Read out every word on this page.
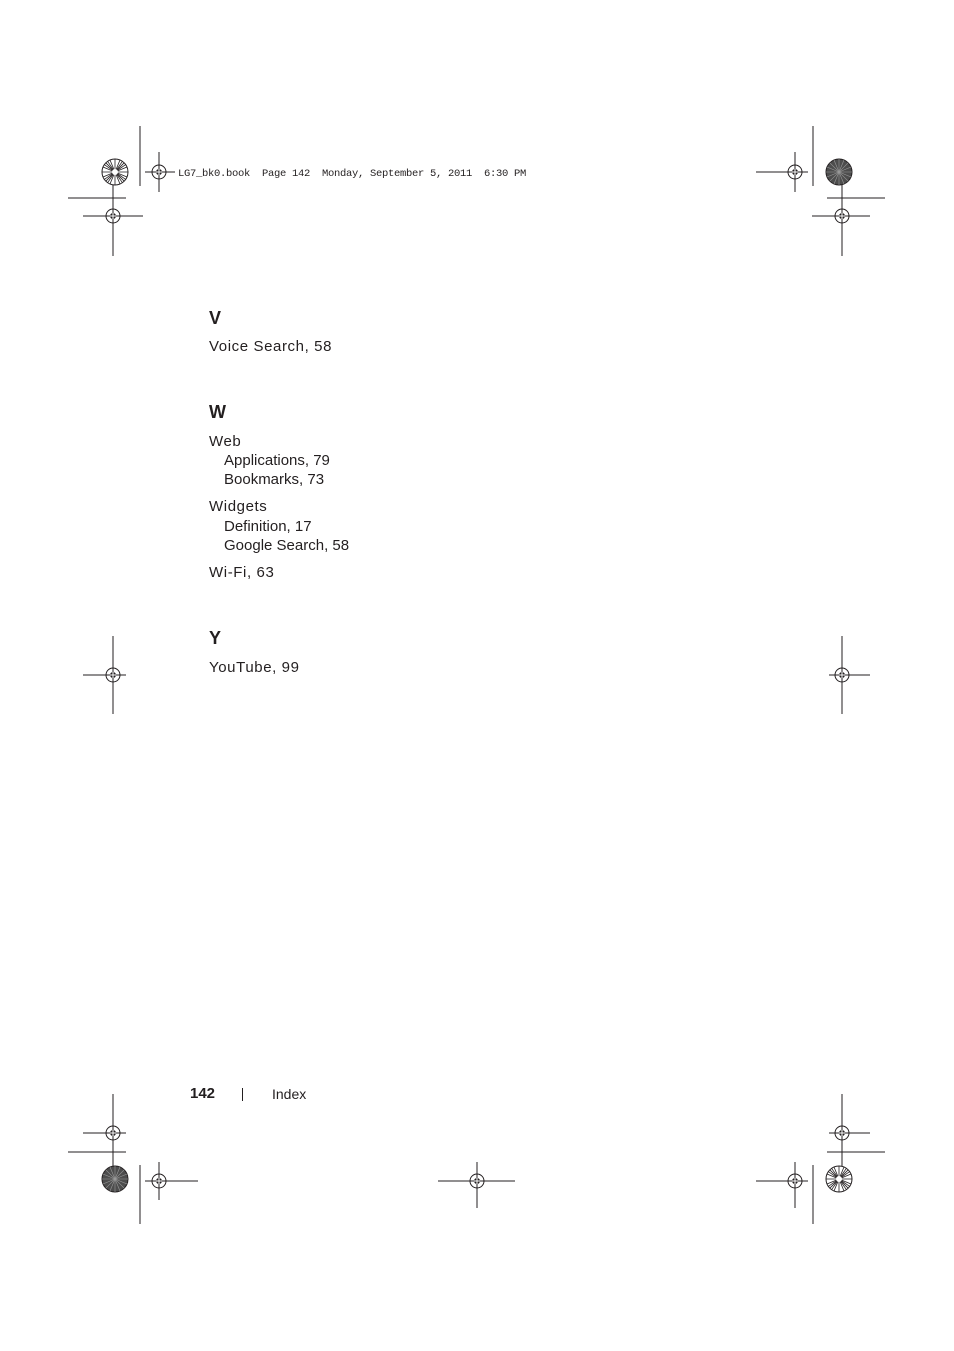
LG7_bk0.book  Page 142  Monday, September 5, 2011  6:30 PM
V
Voice Search, 58
W
Web
Applications, 79
Bookmarks, 73
Widgets
Definition, 17
Google Search, 58
Wi-Fi, 63
Y
YouTube, 99
142	Index
